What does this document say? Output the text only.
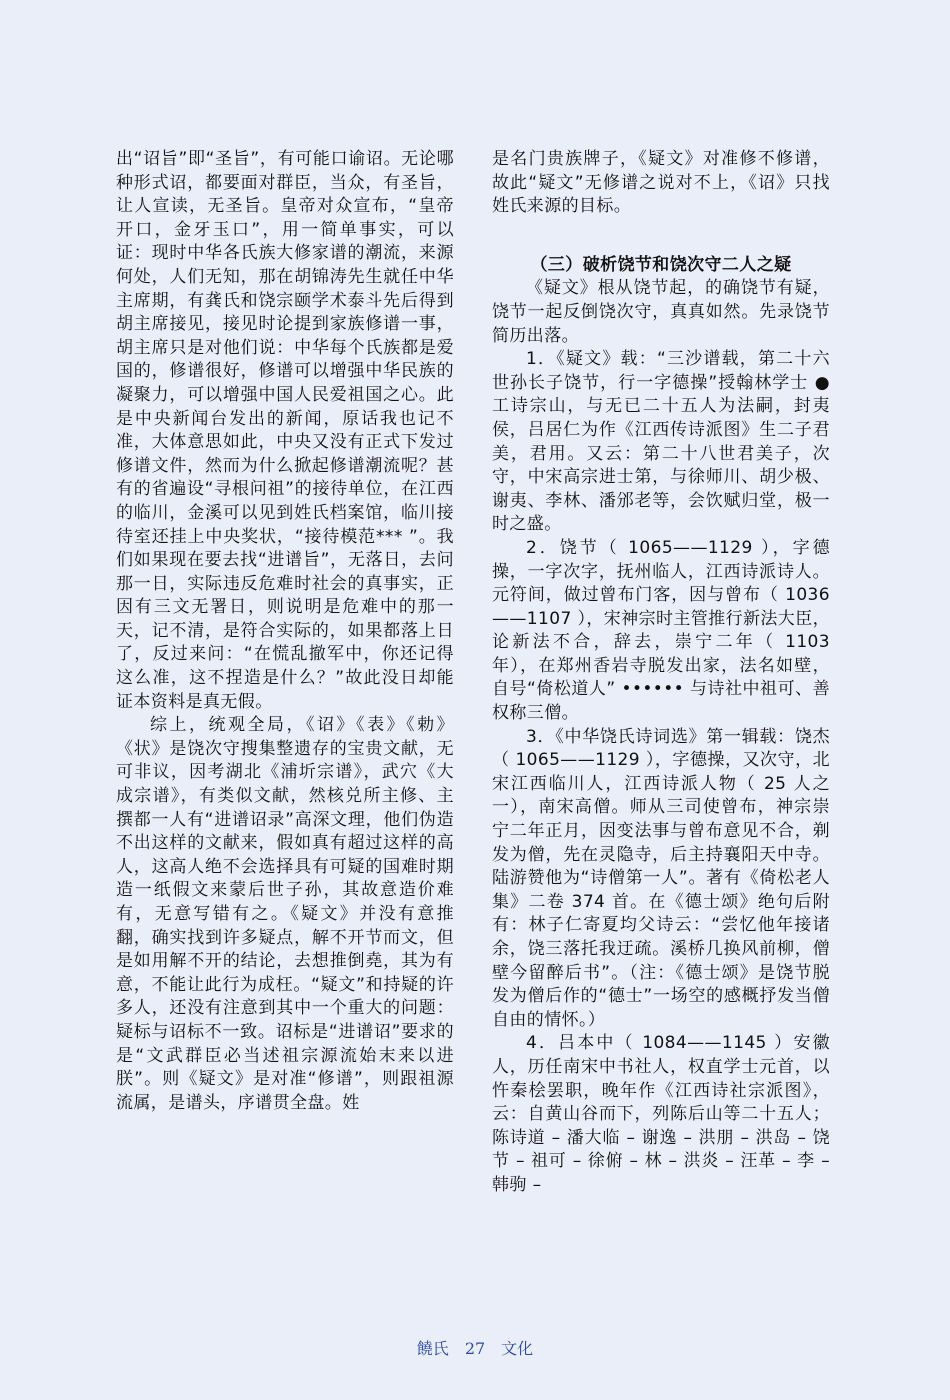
出“诏旨”即“圣旨”，有可能口谕诏。无论哪种形式诏，都要面对群臣，当众，有圣旨，让人宣读，无圣旨。皇帝对众宣布，“皇帝开口，金牙玉口”，用一简单事实，可以证：现时中华各氏族大修家谱的潮流，来源何处，人们无知，那在胡锦涛先生就任中华主席期，有龚氏和饶宗颐学术泰斗先后得到胡主席接见，接见时论提到家族修谱一事，胡主席只是对他们说：中华每个氏族都是爱国的，修谱很好，修谱可以增强中华民族的凝聚力，可以增强中国人民爱祖国之心。此是中央新闻台发出的新闻，原话我也记不准，大体意思如此，中央又没有正式下发过修谱文件，然而为什么掀起修谱潮流呢？甚有的省遍设“寻根问祖”的接待单位，在江西的临川，金溪可以见到姓氏档案馆，临川接待室还挂上中央奖状，“接待模范*** ”。我们如果现在要去找“进谱旨”，无落日，去问那一日，实际违反危难时社会的真事实，正因有三文无署日，则说明是危难中的那一天，记不清，是符合实际的，如果都落上日了，反过来问：“在慌乱撤军中，你还记得这么准，这不捏造是什么？”故此没日却能证本资料是真无假。

综上，统观全局，《诏》《表》《勅》《状》是饶次守搜集整遗存的宝贵文献，无可非议，因考湖北《浦圻宗谱》，武穴《大成宗谱》，有类似文献，然核兑所主修、主撰都一人有“进谱诏录”高深文理，他们伪造不出这样的文献来，假如真有超过这样的高人，这高人绝不会选择具有可疑的国难时期造一纸假文来蒙后世子孙，其故意造价难有，无意写错有之。《疑文》并没有意推翻，确实找到许多疑点，解不开节而文，但是如用解不开的结论，去想推倒堯，其为有意，不能让此行为成枉。“疑文”和持疑的许多人，还没有注意到其中一个重大的问题：疑标与诏标不一致。诏标是“进谱诏”要求的是“文武群臣必当述祖宗源流始末来以进朕”。则《疑文》是对准“修谱”，则跟祖源流属，是谱头，序谱贯全盘。姓

是名门贵族牌子，《疑文》对准修不修谱，故此“疑文”无修谱之说对不上，《诏》只找姓氏来源的目标。

（三）破析饶节和饶次守二人之疑

《疑文》根从饶节起，的确饶节有疑，饶节一起反倒饶次守，真真如然。先录饶节简历出落。

1．《疑文》载：“三沙谱载，第二十六世孙长子饶节，行一字德操”授翰林学士 ● 工诗宗山，与无已二十五人为法嗣，封夷侯，吕居仁为作《江西传诗派图》生二子君美，君用。又云：第二十八世君美子，次守，中宋高宗进士第，与徐师川、胡少极、谢夷、李林、潘邠老等，会饮赋归堂，极一时之盛。

2．饶节（ 1065——1129 ），字德操，一字次字，抚州临人，江西诗派诗人。元符间，做过曾布门客，因与曾布（ 1036——1107 ），宋神宗时主管推行新法大臣，论新法不合，辞去，崇宁二年（ 1103 年），在郑州香岩寺脱发出家，法名如壁，自号“倚松道人” •••••• 与诗社中祖可、善权称三僧。

3．《中华饶氏诗词选》第一辑载：饶杰（ 1065——1129 ），字德操，又次守，北宋江西临川人，江西诗派人物（ 25 人之一），南宋高僧。师从三司使曾布，神宗崇宁二年正月，因变法事与曾布意见不合，剃发为僧，先在灵隐寺，后主持襄阳天中寺。陆游赞他为“诗僧第一人”。著有《倚松老人集》二卷 374 首。在《德士颂》绝句后附有：林子仁寄夏均父诗云：“尝忆他年接诸余，饶三落托我迂疏。溪桥几换风前柳，僧壁今留醉后书”。（注：《德士颂》是饶节脱发为僧后作的“德士”一场空的感概抒发当僧自由的情怀。）

4．吕本中（ 1084——1145 ）安徽人，历任南宋中书社人，权直学士元首，以忤秦桧罢职，晚年作《江西诗社宗派图》，云：自黄山谷而下，列陈后山等二十五人；陈诗道 – 潘大临 – 谢逸 – 洪朋 – 洪岛 – 饶节 – 祖可 – 徐俯 – 林 – 洪炎 – 汪革 – 李 – 韩驹 –

饒氏 27 文化
